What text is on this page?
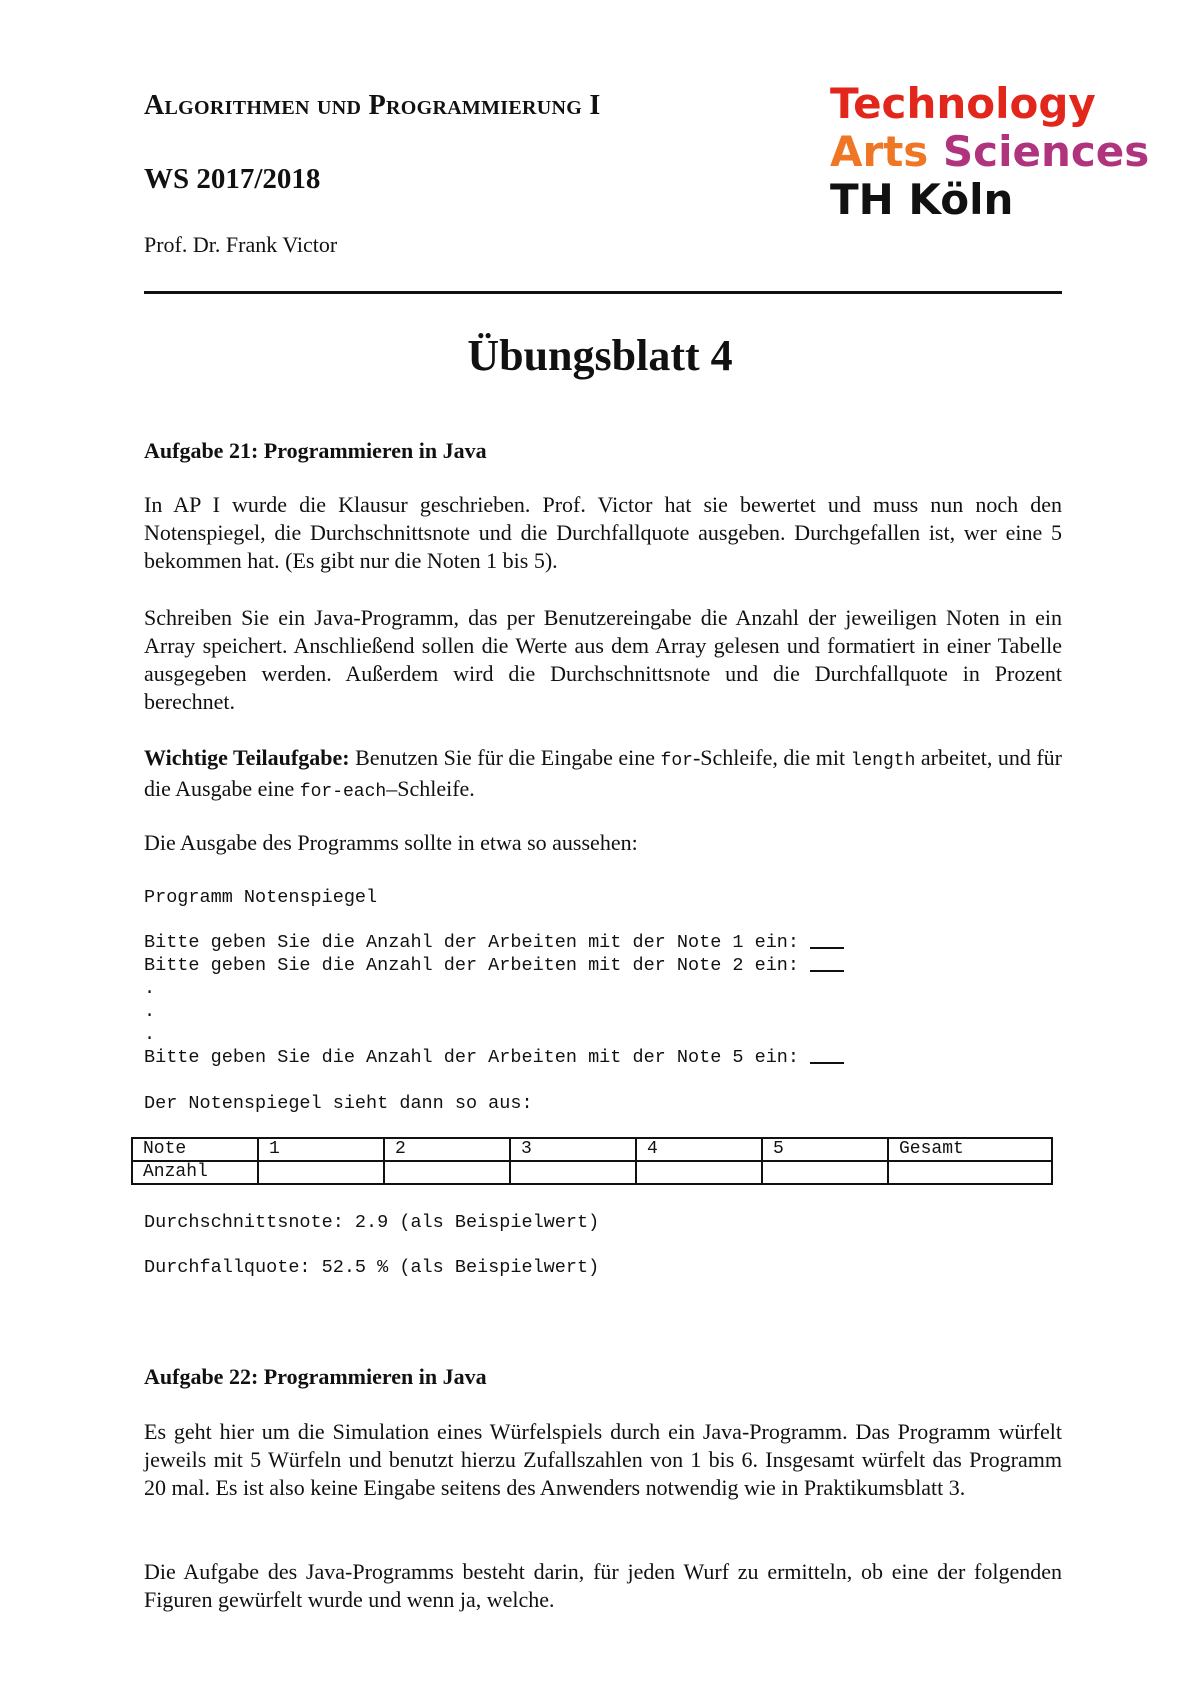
Algorithmen und Programmierung I
WS 2017/2018
Prof. Dr. Frank Victor
Technology
Arts Sciences
TH Köln
Übungsblatt 4
Aufgabe 21: Programmieren in Java
In AP I wurde die Klausur geschrieben. Prof. Victor hat sie bewertet und muss nun noch den Notenspiegel, die Durchschnittsnote und die Durchfallquote ausgeben. Durchgefallen ist, wer eine 5 bekommen hat. (Es gibt nur die Noten 1 bis 5).
Schreiben Sie ein Java-Programm, das per Benutzereingabe die Anzahl der jeweiligen Noten in ein Array speichert. Anschließend sollen die Werte aus dem Array gelesen und formatiert in einer Tabelle ausgegeben werden. Außerdem wird die Durchschnittsnote und die Durchfallquote in Prozent berechnet.
Wichtige Teilaufgabe: Benutzen Sie für die Eingabe eine for-Schleife, die mit length arbeitet, und für die Ausgabe eine for-each–Schleife.
Die Ausgabe des Programms sollte in etwa so aussehen:
Programm Notenspiegel
Bitte geben Sie die Anzahl der Arbeiten mit der Note 1 ein:
Bitte geben Sie die Anzahl der Arbeiten mit der Note 2 ein:
.
.
.
Bitte geben Sie die Anzahl der Arbeiten mit der Note 5 ein:
Der Notenspiegel sieht dann so aus:
Note	1	2	3	4	5	Gesamt
Anzahl						
Durchschnittsnote: 2.9 (als Beispielwert)
Durchfallquote: 52.5 % (als Beispielwert)
Aufgabe 22: Programmieren in Java
Es geht hier um die Simulation eines Würfelspiels durch ein Java-Programm. Das Programm würfelt jeweils mit 5 Würfeln und benutzt hierzu Zufallszahlen von 1 bis 6. Insgesamt würfelt das Programm 20 mal. Es ist also keine Eingabe seitens des Anwenders notwendig wie in Praktikumsblatt 3.
Die Aufgabe des Java-Programms besteht darin, für jeden Wurf zu ermitteln, ob eine der folgenden Figuren gewürfelt wurde und wenn ja, welche.
